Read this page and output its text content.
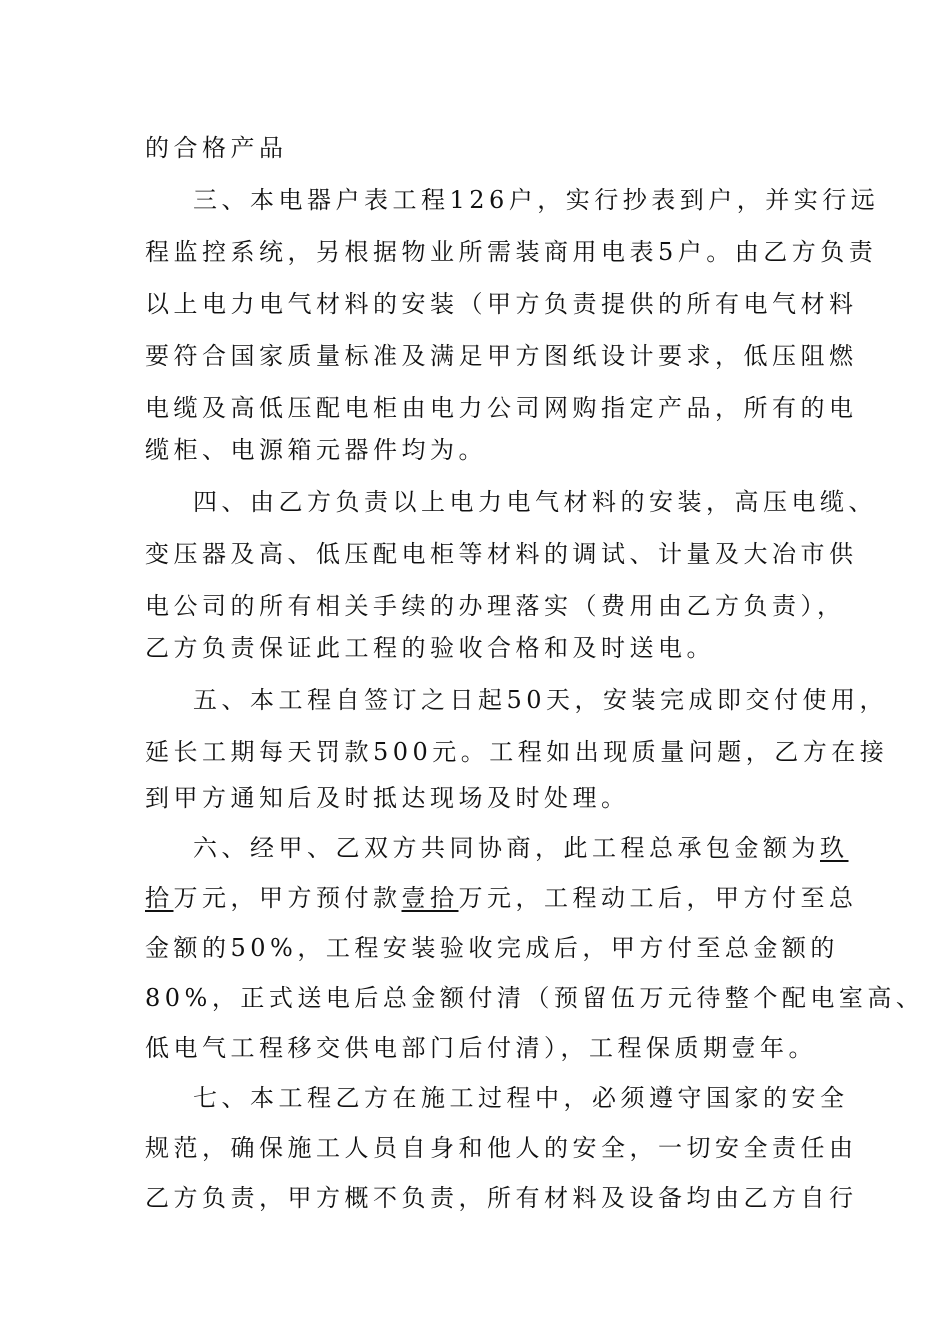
的合格产品

三、本电器户表工程126户，实行抄表到户，并实行远

程监控系统，另根据物业所需装商用电表5户。由乙方负责

以上电力电气材料的安装（甲方负责提供的所有电气材料

要符合国家质量标准及满足甲方图纸设计要求，低压阻燃

电缆及高低压配电柜由电力公司网购指定产品，所有的电

缆柜、电源箱元器件均为。

四、由乙方负责以上电力电气材料的安装，高压电缆、

变压器及高、低压配电柜等材料的调试、计量及大冶市供

电公司的所有相关手续的办理落实（费用由乙方负责），

乙方负责保证此工程的验收合格和及时送电。

五、本工程自签订之日起50天，安装完成即交付使用，

延长工期每天罚款500元。工程如出现质量问题，乙方在接

到甲方通知后及时抵达现场及时处理。

六、经甲、乙双方共同协商，此工程总承包金额为玖

拾万元，甲方预付款壹拾万元，工程动工后，甲方付至总

金额的50%，工程安装验收完成后，甲方付至总金额的

80%，正式送电后总金额付清（预留伍万元待整个配电室高、

低电气工程移交供电部门后付清），工程保质期壹年。

七、本工程乙方在施工过程中，必须遵守国家的安全

规范，确保施工人员自身和他人的安全，一切安全责任由

乙方负责，甲方概不负责，所有材料及设备均由乙方自行
